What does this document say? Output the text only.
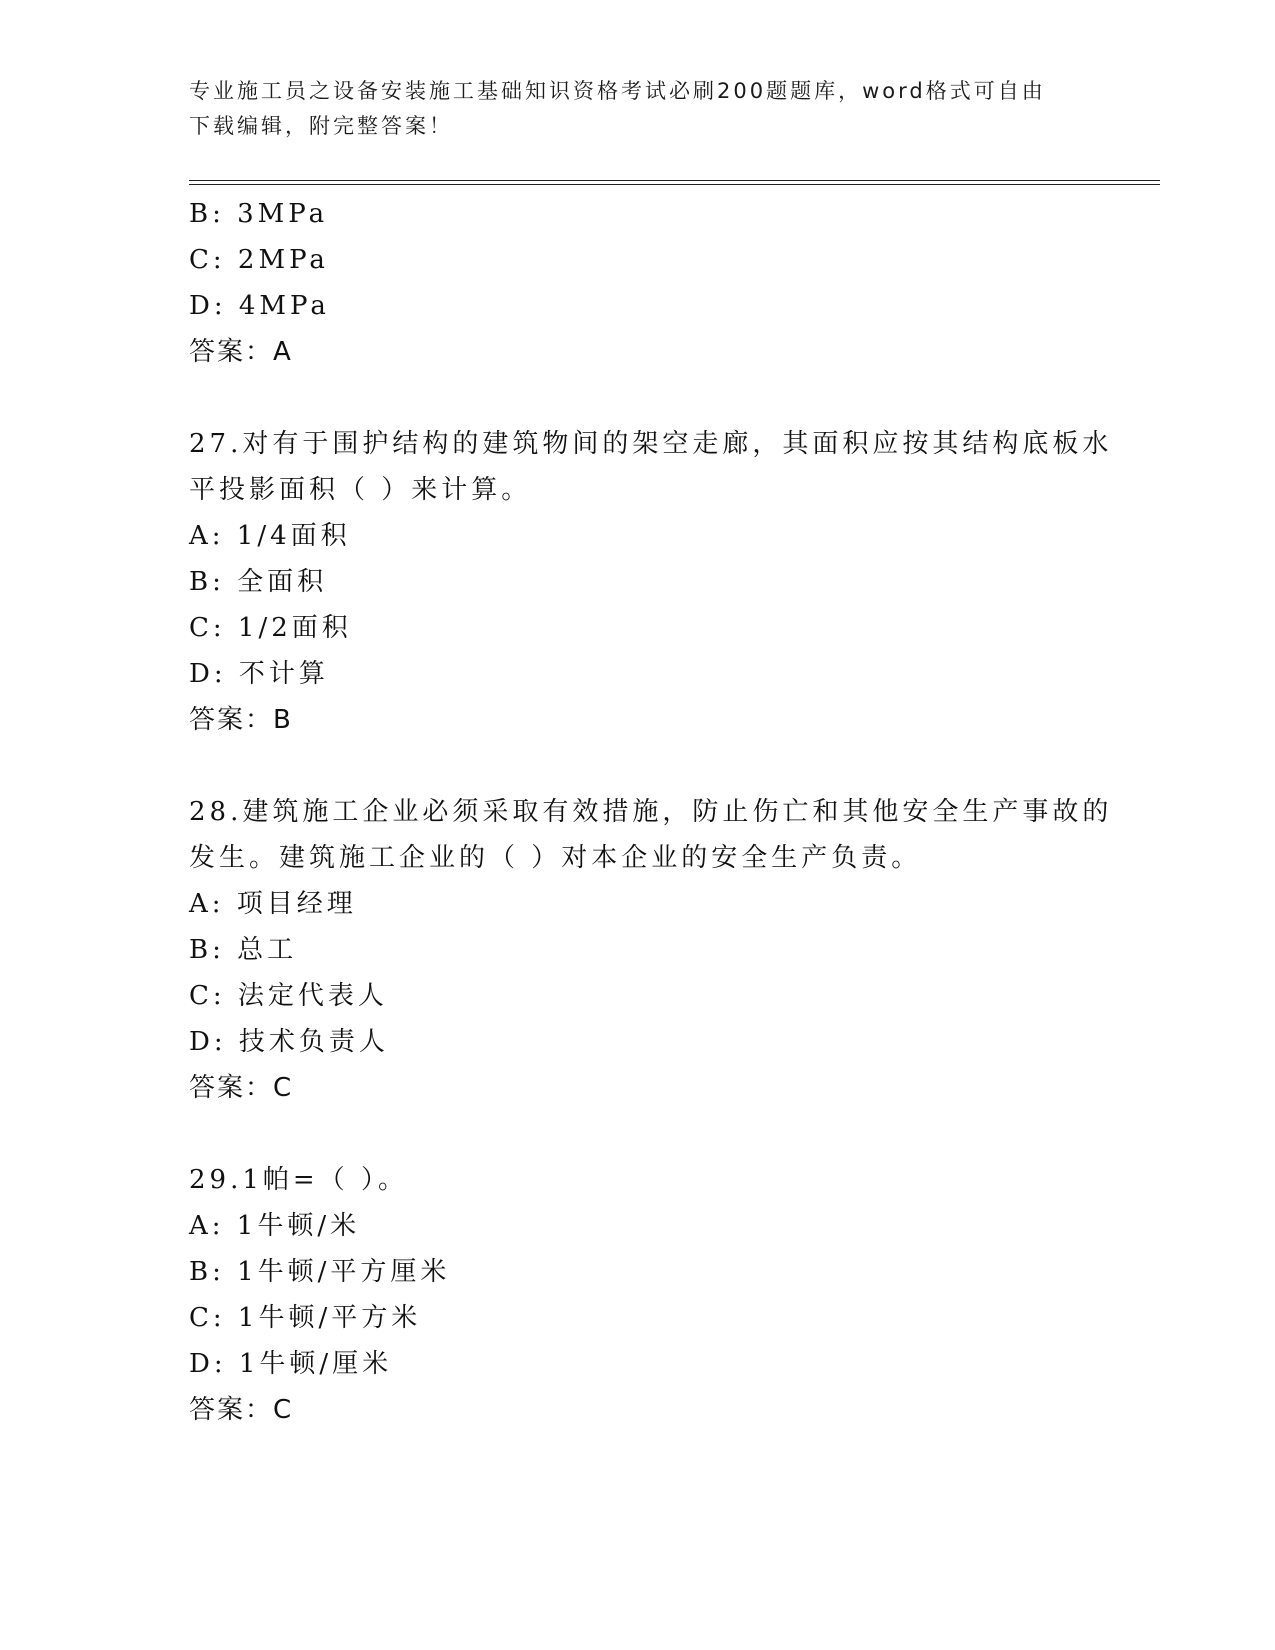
专业施工员之设备安装施工基础知识资格考试必刷200题题库，word格式可自由
下载编辑，附完整答案！
B: 3MPa
C: 2MPa
D: 4MPa
答案：A
27.对有于围护结构的建筑物间的架空走廊，其面积应按其结构底板水
平投影面积（ ）来计算。
A: 1/4面积
B: 全面积
C: 1/2面积
D: 不计算
答案：B
28.建筑施工企业必须采取有效措施，防止伤亡和其他安全生产事故的
发生。建筑施工企业的（ ）对本企业的安全生产负责。
A: 项目经理
B: 总工
C: 法定代表人
D: 技术负责人
答案：C
29.1帕=（ ）。
A: 1牛顿/米
B: 1牛顿/平方厘米
C: 1牛顿/平方米
D: 1牛顿/厘米
答案：C
